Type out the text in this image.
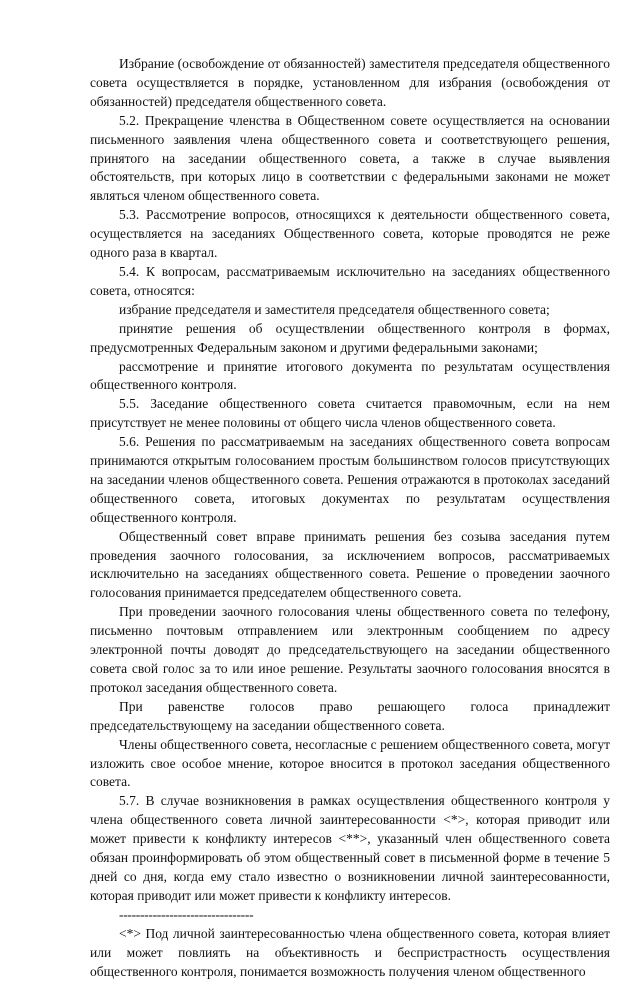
Избрание (освобождение от обязанностей) заместителя председателя общественного совета осуществляется в порядке, установленном для избрания (освобождения от обязанностей) председателя общественного совета.

5.2. Прекращение членства в Общественном совете осуществляется на основании письменного заявления члена общественного совета и соответствующего решения, принятого на заседании общественного совета, а также в случае выявления обстоятельств, при которых лицо в соответствии с федеральными законами не может являться членом общественного совета.

5.3. Рассмотрение вопросов, относящихся к деятельности общественного совета, осуществляется на заседаниях Общественного совета, которые проводятся не реже одного раза в квартал.

5.4. К вопросам, рассматриваемым исключительно на заседаниях общественного совета, относятся:

избрание председателя и заместителя председателя общественного совета;

принятие решения об осуществлении общественного контроля в формах, предусмотренных Федеральным законом и другими федеральными законами;

рассмотрение и принятие итогового документа по результатам осуществления общественного контроля.

5.5. Заседание общественного совета считается правомочным, если на нем присутствует не менее половины от общего числа членов общественного совета.

5.6. Решения по рассматриваемым на заседаниях общественного совета вопросам принимаются открытым голосованием простым большинством голосов присутствующих на заседании членов общественного совета. Решения отражаются в протоколах заседаний общественного совета, итоговых документах по результатам осуществления общественного контроля.

Общественный совет вправе принимать решения без созыва заседания путем проведения заочного голосования, за исключением вопросов, рассматриваемых исключительно на заседаниях общественного совета. Решение о проведении заочного голосования принимается председателем общественного совета.

При проведении заочного голосования члены общественного совета по телефону, письменно почтовым отправлением или электронным сообщением по адресу электронной почты доводят до председательствующего на заседании общественного совета свой голос за то или иное решение. Результаты заочного голосования вносятся в протокол заседания общественного совета.

При равенстве голосов право решающего голоса принадлежит председательствующему на заседании общественного совета.

Члены общественного совета, несогласные с решением общественного совета, могут изложить свое особое мнение, которое вносится в протокол заседания общественного совета.

5.7. В случае возникновения в рамках осуществления общественного контроля у члена общественного совета личной заинтересованности <*>, которая приводит или может привести к конфликту интересов <**>, указанный член общественного совета обязан проинформировать об этом общественный совет в письменной форме в течение 5 дней со дня, когда ему стало известно о возникновении личной заинтересованности, которая приводит или может привести к конфликту интересов.

--------------------------------

<*> Под личной заинтересованностью члена общественного совета, которая влияет или может повлиять на объективность и беспристрастность осуществления общественного контроля, понимается возможность получения членом общественного
